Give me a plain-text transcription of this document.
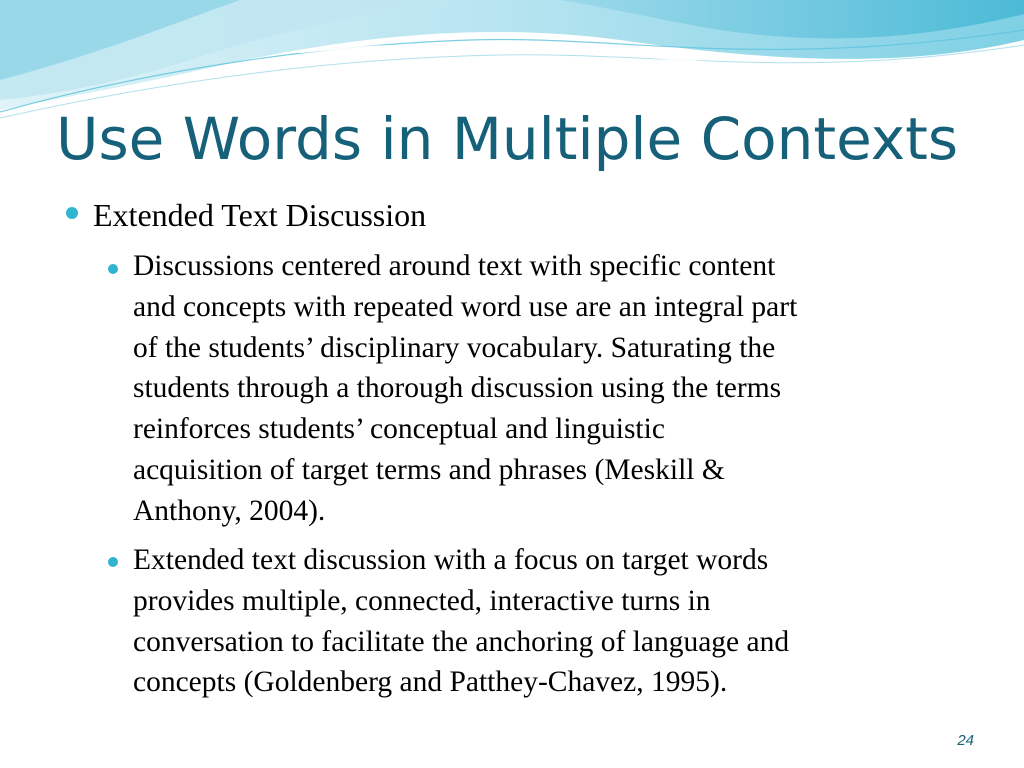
Use Words in Multiple Contexts
Extended Text Discussion

Discussions centered around text with specific content
and concepts with repeated word use are an integral part
of the students’ disciplinary vocabulary. Saturating the
students through a thorough discussion using the terms
reinforces students’ conceptual and linguistic
acquisition of target terms and phrases (Meskill &
Anthony, 2004).

Extended text discussion with a focus on target words
provides multiple, connected, interactive turns in
conversation to facilitate the anchoring of language and
concepts (Goldenberg and Patthey-Chavez, 1995).

24
